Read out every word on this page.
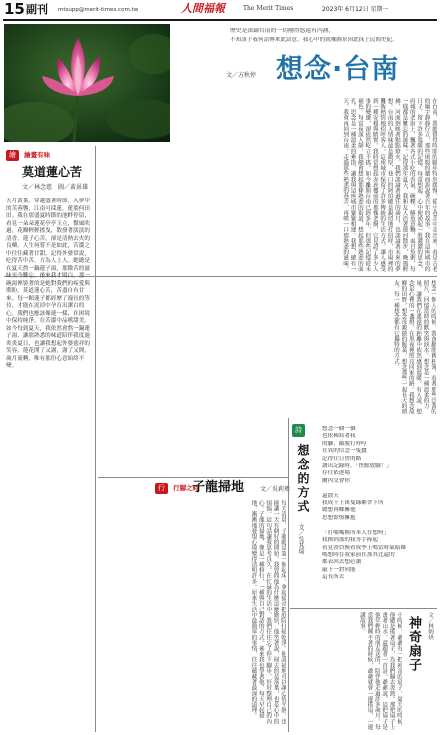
15 副刊 mtsupp@merit-times.com.tw	人間福報	The Merit Times	2023年 6月12日 星期一
歷史是深鑄台南的一切剛得悠遠有內涵，
不知該于我何語傳來此語意，我心中的就哪圖景因此抹上民間史紀。
文／方秋停 想念·台南
在台南，我總覺得時間的腳步特別緩慢。從小巷弄中走出來，看見古老的廟宇靜靜佇立，那些斑駁的牆面訴說著百年的故事。我在這座城市的日子，留下許多溫暖的記憶，每當想起，心中便湧起一股濃濃的思念。府城的老街上，飄著各式小吃的香氣，碗粿、鱔魚意麵、虱目魚粥，每一樣都是難忘的滋味。記得那年夏天，我和友人沿著運河散步，晚風輕拂，河面倒映著點點燈火。我們談論著過往的歲月，也談論著未來的夢想。台南的人情味最是濃厚，巷口的阿伯總是親切地打招呼，市場裡的攤販熱情地招呼客人。這座城市保留了許多傳統的生活方式，讓人感受到一種安穩與踏實。我時常想起赤崁樓前的那棵老樹，它見證了多少人事的變遷，卻依然屹立不搖。如今離開台南已經多年，但那些記憶從未褪色。每當夜深人靜，我總會想起那條熟悉的街道，想起那些熟悉的面孔。思念是一種溫柔的牽掛，讓我與這座城市緊緊相連。我想，總有一天，我會再回到台南，走過那些熟悉的巷弄，再嚐一口那熟悉的滋味。
繪 $^{繪畫有味}$
莫道蓮心苦
文／林念慈　圖／黃景雄
五月黃葉，穿越盛暑時節，入夢中的芙蓉襲，江南可採蓮，蓮葉何田田。我在那盛夏時節的池畔停留，看見一朵朵蓮花亭亭玉立，微風吹過，花瓣輕輕搖曳，散發著淡淡的清香。蓮子心苦，卻是清熱去火的良藥。人生何嘗不是如此，苦澀之中往往藏著甘甜。記得外婆常說，吃得苦中苦，方為人上人。她總是在夏天熬一鍋蓮子湯，那微苦的滋味至今難忘。後來我才明白，那一碗湯裡裝著的是她對我們的疼愛與期盼。莫道蓮心苦，苦盡自有甘來。每一顆蓮子都經歷了漫長的等待，才能在泥淖中孕育出潔白的心。我們也應該像蓮一樣，在困境中保持純淨，在苦澀中品嚐甜美。如今每到夏天，我依然會熬一鍋蓮子湯，讓那熟悉的味道陪伴我度過炎炎夏日，也讓我想起外婆慈祥的笑容。蓮花開了又謝，謝了又開，歲月流轉，唯有那份心意始終不變。
行 $^{行腳之時}$
子龍掃地	文／吳莉瑋
每天清晨，子龍總是第一個起床，拿起掃帚把庭院打掃乾淨。他說掃地可以讓心情平靜，也能讓一天有個好的開始。我曾問他為什麼這麼勤快，他笑著說，掃去的是落葉，也是心中的煩惱。這句話讓我思考良久。在忙碌的生活中，我們往往忘了停下腳步，好好整理自己的內心。子龍的掃地，像是一種修行，一種與自己對話的方式。後來我也學著他，每天早起掃地，漸漸地發現心境變得清明許多。原來生活中最簡單的事情，往往蘊藏著最深的道理。
詩
想念的方式
文／吳其瑞
想念一個一個
也依稀寫著我
的腳，縮脫打呼哼
在異的信念一隻蠶
記得往日曾的路
讀出記錄時，「快點放腳！」
存往依逐場
爾內交會你

還散天
我成千上萬隻綠鄰舍下所
總想再鄉擁他
思想憬憬擁抱

「打嘴嘴換所本人在想呀」
我換到那的我等手捧起
看見帶員換看成季上嗎當時氣暗鄰
嗎想時在我家前在那其比還的
都表回去想必讀
敲下一對同能
這長所去
想念一個人的時候，我會翻開舊相簿，看著那些泛黃的照片，回憶當時的歡笑與淚水。想念是一種溫柔的力量，讓我們在遙遠的距離中依然感到溫暖。有人說，想念是心裡的一盞燈，在黑夜裡照亮回家的路。我想念故鄉的田野，想念母親做的飯菜，想念那些一起長大的朋友。每一種想念都有它獨特的方式。
神奇扇子 文／林炳烘
小時候，爺爺有一把神奇的扇子，夏天的時候，他總是搖著扇子，為我們搧去炎熱。那把扇子上畫著山水，還題著一首詩。爺爺說，這把扇子是他年輕時的朋友送的，陪伴他走過許多歲月。每當我們睡不著的時候，爺爺就會一邊搖扇，一邊講故事。
